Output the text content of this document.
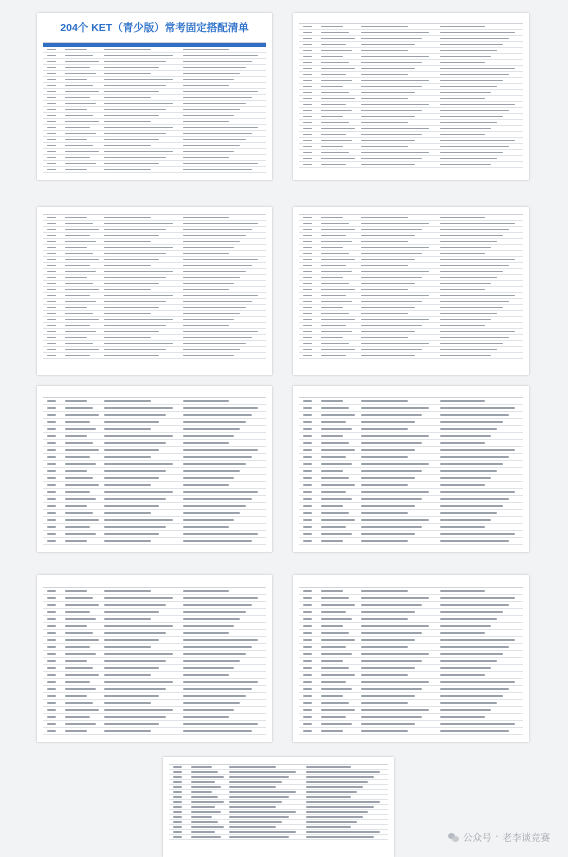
204个 KET（青少版）常考固定搭配清单
公众号 · 老李谈竞赛
